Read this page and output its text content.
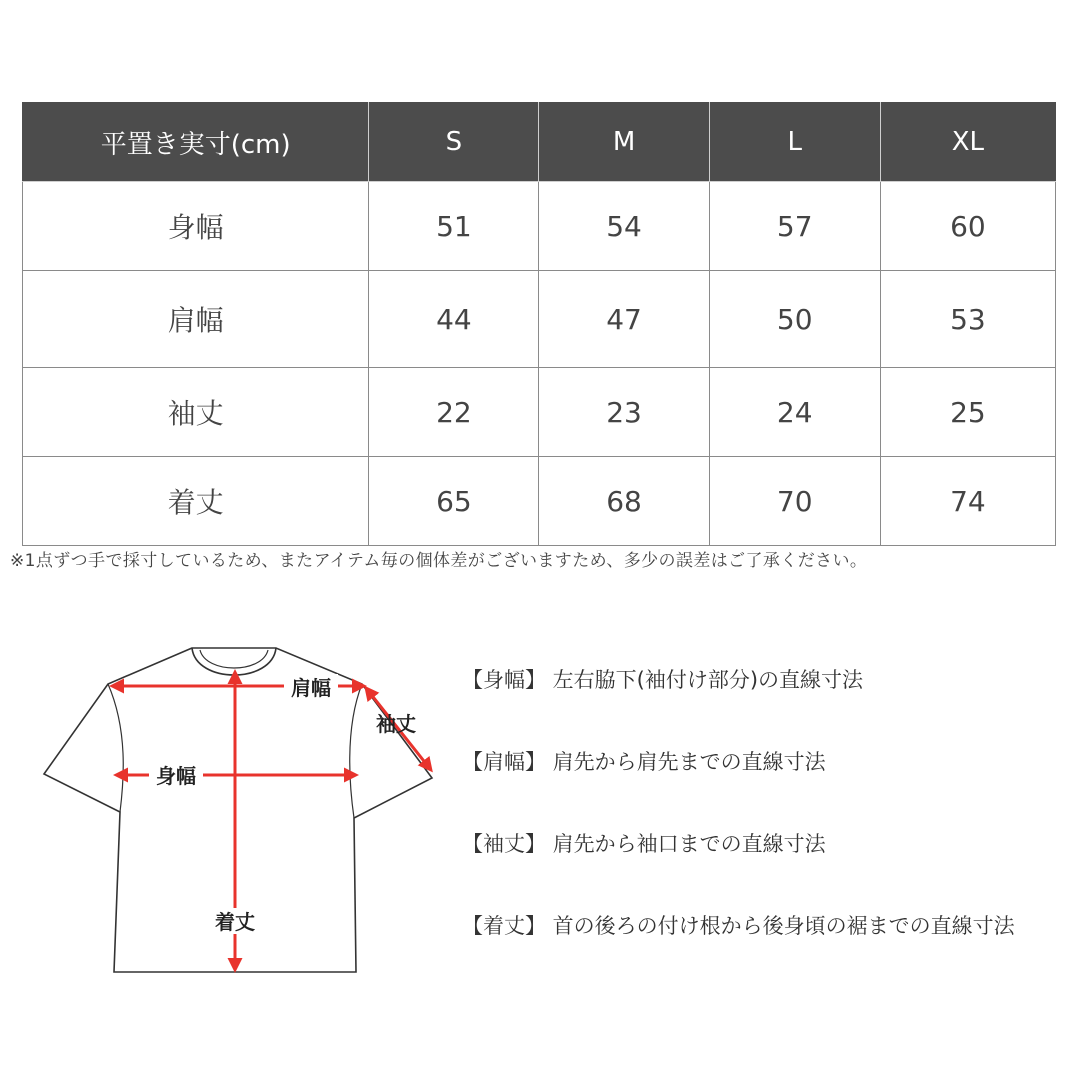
平置き実寸(cm)	S	M	L	XL
身幅	51	54	57	60
肩幅	44	47	50	53
袖丈	22	23	24	25
着丈	65	68	70	74
※1点ずつ手で採寸しているため、またアイテム毎の個体差がございますため、多少の誤差はご了承ください。
肩幅
身幅
袖丈
着丈
【身幅】 左右脇下(袖付け部分)の直線寸法
【肩幅】 肩先から肩先までの直線寸法
【袖丈】 肩先から袖口までの直線寸法
【着丈】 首の後ろの付け根から後身頃の裾までの直線寸法
